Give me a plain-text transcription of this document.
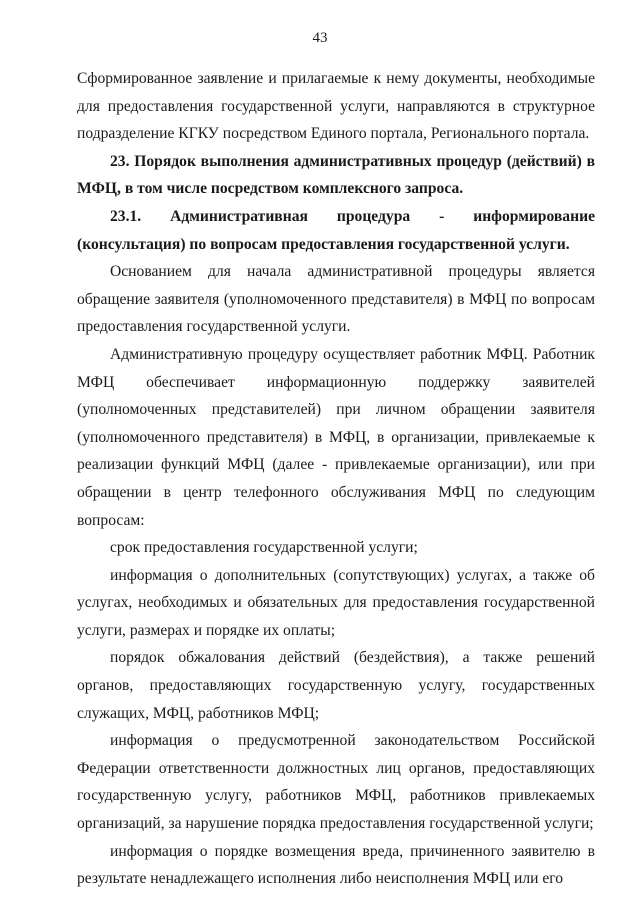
43

Сформированное заявление и прилагаемые к нему документы, необходимые для предоставления государственной услуги, направляются в структурное подразделение КГКУ посредством Единого портала, Регионального портала.

23. Порядок выполнения административных процедур (действий) в МФЦ, в том числе посредством комплексного запроса.

23.1. Административная процедура - информирование (консультация) по вопросам предоставления государственной услуги.

Основанием для начала административной процедуры является обращение заявителя (уполномоченного представителя) в МФЦ по вопросам предоставления государственной услуги.

Административную процедуру осуществляет работник МФЦ. Работник МФЦ обеспечивает информационную поддержку заявителей (уполномоченных представителей) при личном обращении заявителя (уполномоченного представителя) в МФЦ, в организации, привлекаемые к реализации функций МФЦ (далее - привлекаемые организации), или при обращении в центр телефонного обслуживания МФЦ по следующим вопросам:

срок предоставления государственной услуги;

информация о дополнительных (сопутствующих) услугах, а также об услугах, необходимых и обязательных для предоставления государственной услуги, размерах и порядке их оплаты;

порядок обжалования действий (бездействия), а также решений органов, предоставляющих государственную услугу, государственных служащих, МФЦ, работников МФЦ;

информация о предусмотренной законодательством Российской Федерации ответственности должностных лиц органов, предоставляющих государственную услугу, работников МФЦ, работников привлекаемых организаций, за нарушение порядка предоставления государственной услуги;

информация о порядке возмещения вреда, причиненного заявителю в результате ненадлежащего исполнения либо неисполнения МФЦ или его
